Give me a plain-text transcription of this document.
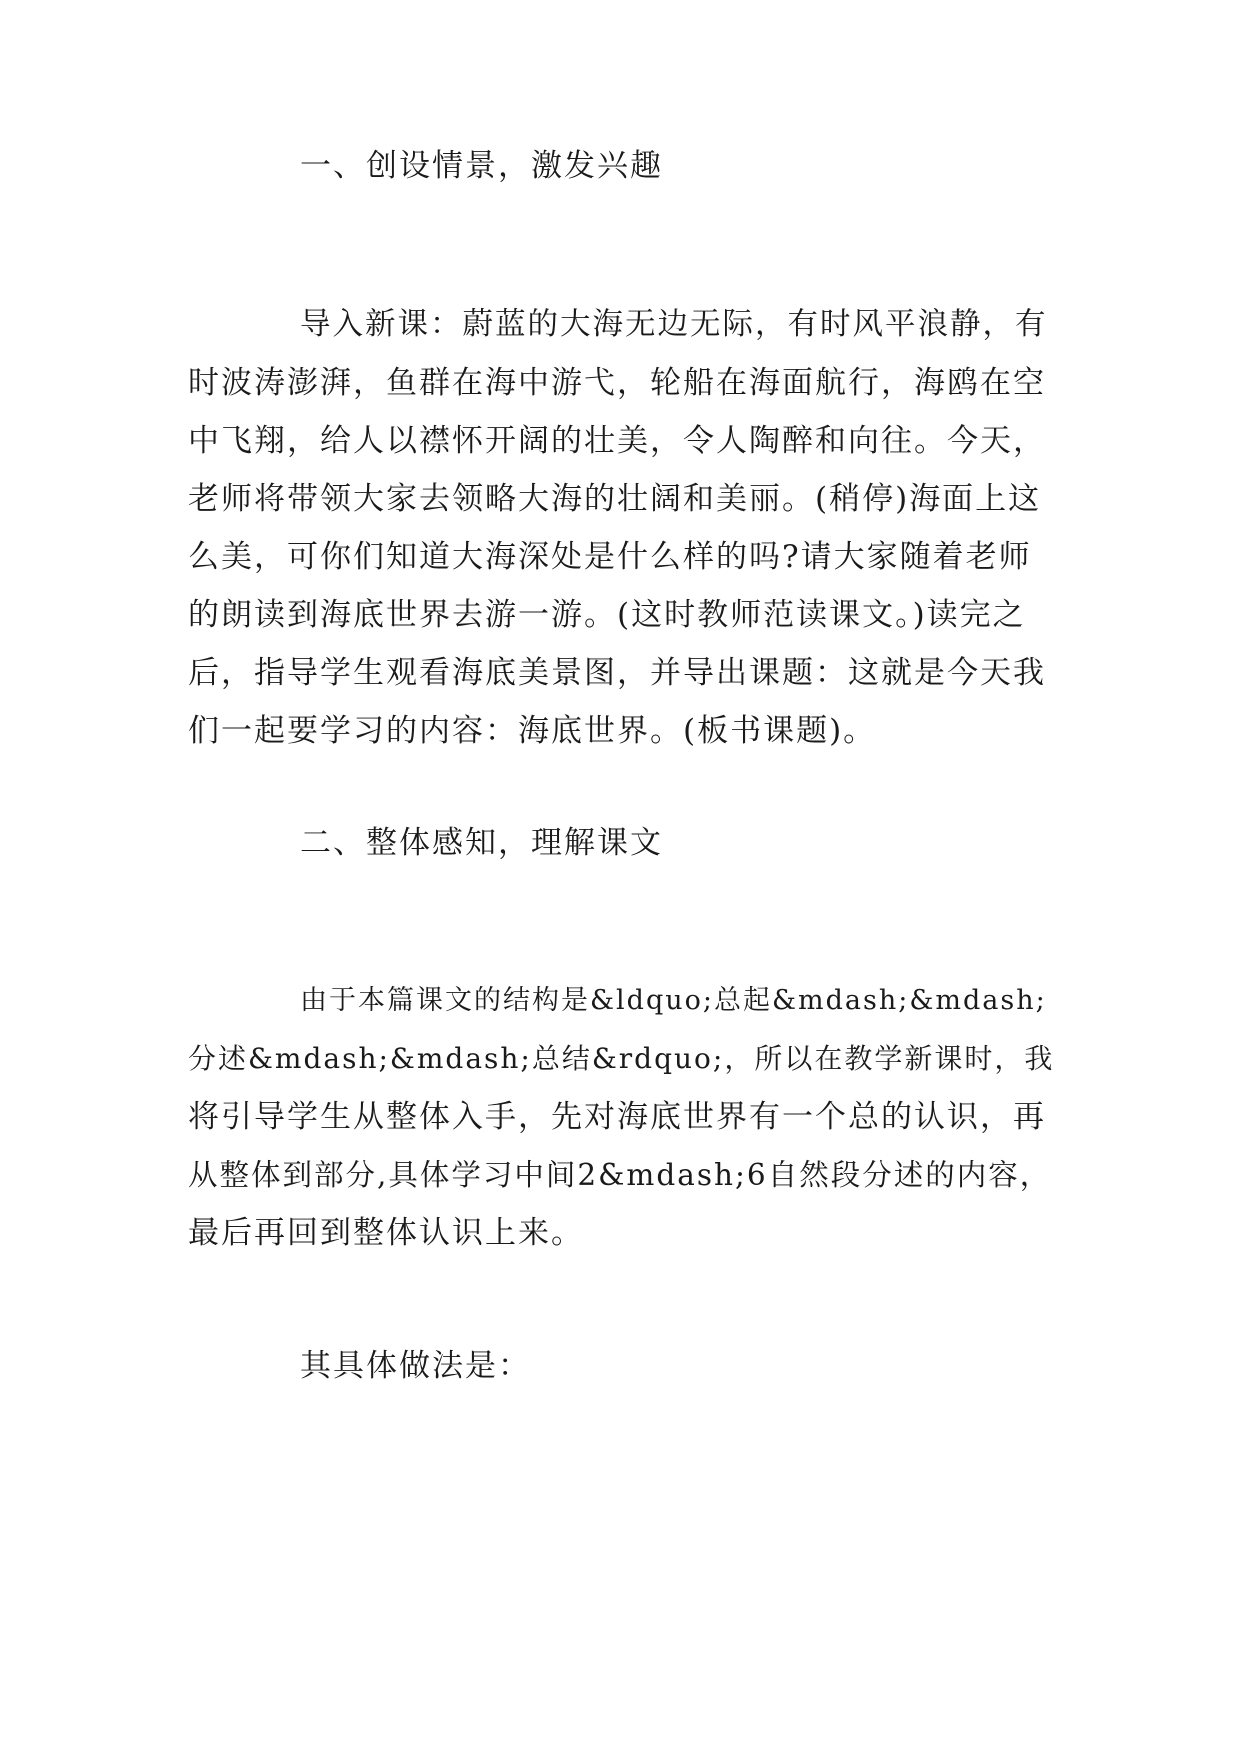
一、创设情景，激发兴趣
导入新课：蔚蓝的大海无边无际，有时风平浪静，有
时波涛澎湃，鱼群在海中游弋，轮船在海面航行，海鸥在空
中飞翔，给人以襟怀开阔的壮美，令人陶醉和向往。今天，
老师将带领大家去领略大海的壮阔和美丽。(稍停)海面上这
么美，可你们知道大海深处是什么样的吗?请大家随着老师
的朗读到海底世界去游一游。(这时教师范读课文。)读完之
后，指导学生观看海底美景图，并导出课题：这就是今天我
们一起要学习的内容：海底世界。(板书课题)。
二、整体感知，理解课文
由于本篇课文的结构是&ldquo;总起&mdash;&mdash;
分述&mdash;&mdash;总结&rdquo;，所以在教学新课时，我
将引导学生从整体入手，先对海底世界有一个总的认识，再
从整体到部分,具体学习中间2&mdash;6自然段分述的内容，
最后再回到整体认识上来。
其具体做法是：
